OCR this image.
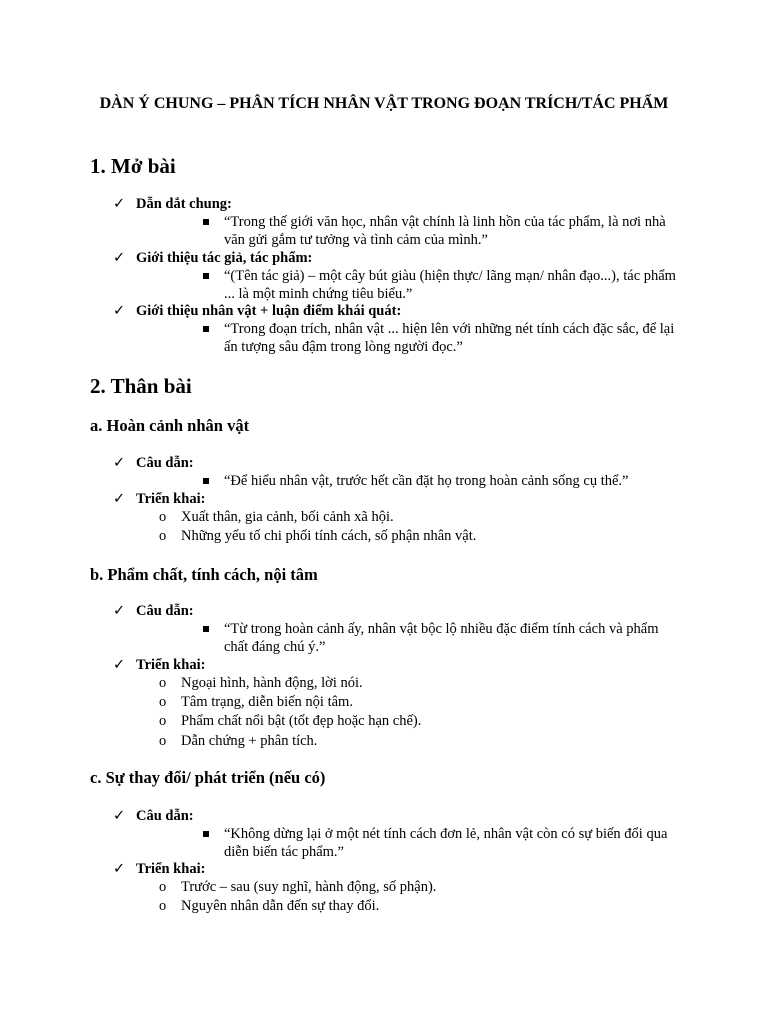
DÀN Ý CHUNG – PHÂN TÍCH NHÂN VẬT TRONG ĐOẠN TRÍCH/TÁC PHẨM
1. Mở bài
✓ Dẫn dắt chung:
“Trong thế giới văn học, nhân vật chính là linh hồn của tác phẩm, là nơi nhà văn gửi gắm tư tưởng và tình cảm của mình.”
✓ Giới thiệu tác giả, tác phẩm:
“(Tên tác giả) – một cây bút giàu (hiện thực/ lãng mạn/ nhân đạo...), tác phẩm ... là một minh chứng tiêu biểu.”
✓ Giới thiệu nhân vật + luận điểm khái quát:
“Trong đoạn trích, nhân vật ... hiện lên với những nét tính cách đặc sắc, để lại ấn tượng sâu đậm trong lòng người đọc.”
2. Thân bài
a. Hoàn cảnh nhân vật
✓ Câu dẫn:
“Để hiểu nhân vật, trước hết cần đặt họ trong hoàn cảnh sống cụ thể.”
✓ Triển khai:
o Xuất thân, gia cảnh, bối cảnh xã hội.
o Những yếu tố chi phối tính cách, số phận nhân vật.
b. Phẩm chất, tính cách, nội tâm
✓ Câu dẫn:
“Từ trong hoàn cảnh ấy, nhân vật bộc lộ nhiều đặc điểm tính cách và phẩm chất đáng chú ý.”
✓ Triển khai:
o Ngoại hình, hành động, lời nói.
o Tâm trạng, diễn biến nội tâm.
o Phẩm chất nổi bật (tốt đẹp hoặc hạn chế).
o Dẫn chứng + phân tích.
c. Sự thay đổi/ phát triển (nếu có)
✓ Câu dẫn:
“Không dừng lại ở một nét tính cách đơn lẻ, nhân vật còn có sự biến đổi qua diễn biến tác phẩm.”
✓ Triển khai:
o Trước – sau (suy nghĩ, hành động, số phận).
o Nguyên nhân dẫn đến sự thay đổi.
